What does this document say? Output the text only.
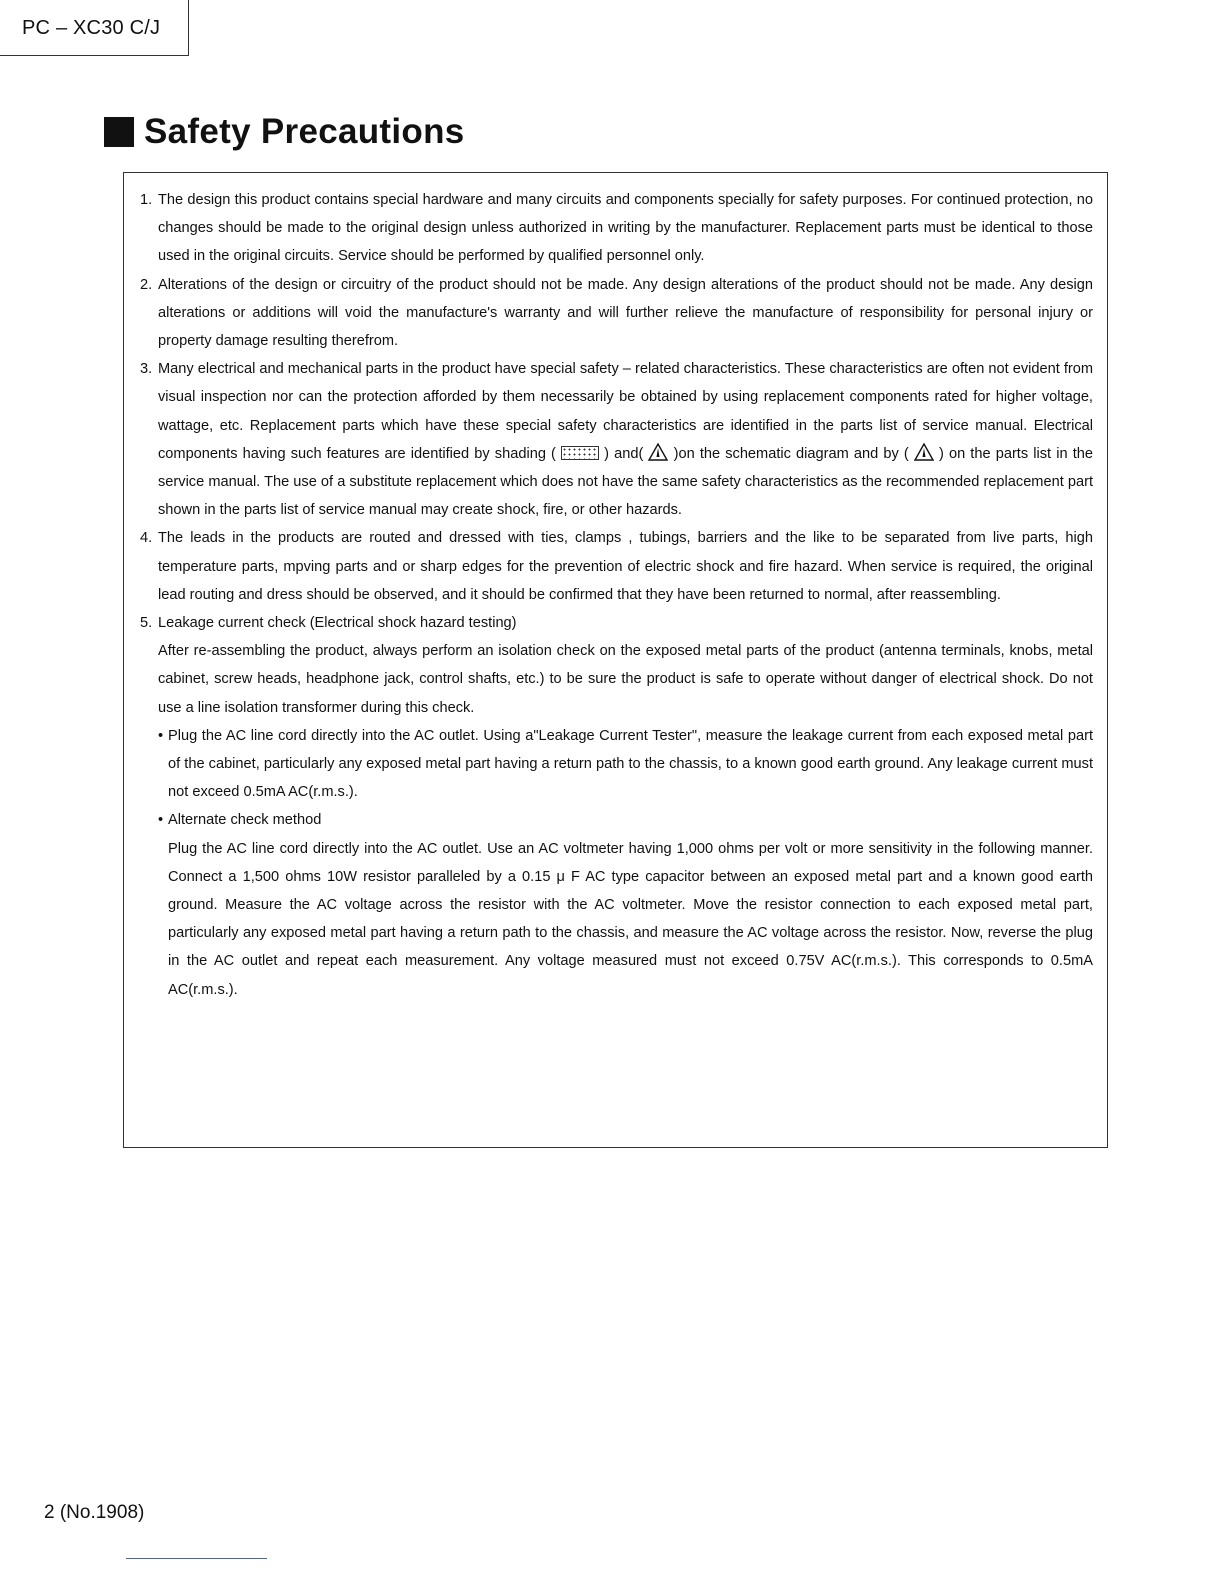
PC – XC30 C/J
Safety Precautions
1. The design this product contains special hardware and many circuits and components specially for safety purposes. For continued protection, no changes should be made to the original design unless authorized in writing by the manufacturer. Replacement parts must be identical to those used in the original circuits. Service should be performed by qualified personnel only.

2. Alterations of the design or circuitry of the product should not be made. Any design alterations of the product should not be made. Any design alterations or additions will void the manufacture's warranty and will further relieve the manufacture of responsibility for personal injury or property damage resulting therefrom.

3. Many electrical and mechanical parts in the product have special safety – related characteristics. These characteristics are often not evident from visual inspection nor can the protection afforded by them necessarily be obtained by using replacement components rated for higher voltage, wattage, etc. Replacement parts which have these special safety characteristics are identified in the parts list of service manual. Electrical components having such features are identified by shading (	) and( )on the schematic diagram and by ( ) on the parts list in the service manual. The use of a substitute replacement which does not have the same safety characteristics as the recommended replacement part shown in the parts list of service manual may create shock, fire, or other hazards.

4. The leads in the products are routed and dressed with ties, clamps , tubings, barriers and the like to be separated from live parts, high temperature parts, mpving parts and or sharp edges for the prevention of electric shock and fire hazard. When service is required, the original lead routing and dress should be observed, and it should be confirmed that they have been returned to normal, after reassembling.

5. Leakage current check (Electrical shock hazard testing)

After re-assembling the product, always perform an isolation check on the exposed metal parts of the product (antenna terminals, knobs, metal cabinet, screw heads, headphone jack, control shafts, etc.) to be sure the product is safe to operate without danger of electrical shock. Do not use a line isolation transformer during this check.

• Plug the AC line cord directly into the AC outlet. Using a"Leakage Current Tester", measure the leakage current from each exposed metal part of the cabinet, particularly any exposed metal part having a return path to the chassis, to a known good earth ground. Any leakage current must not exceed 0.5mA AC(r.m.s.).

• Alternate check method

Plug the AC line cord directly into the AC outlet. Use an AC voltmeter having 1,000 ohms per volt or more sensitivity in the following manner. Connect a 1,500 ohms 10W resistor paralleled by a 0.15 μ F AC type capacitor between an exposed metal part and a known good earth ground. Measure the AC voltage across the resistor with the AC voltmeter. Move the resistor connection to each exposed metal part, particularly any exposed metal part having a return path to the chassis, and measure the AC voltage across the resistor. Now, reverse the plug in the AC outlet and repeat each measurement. Any voltage measured must not exceed 0.75V AC(r.m.s.). This corresponds to 0.5mA AC(r.m.s.).

2 (No.1908)
